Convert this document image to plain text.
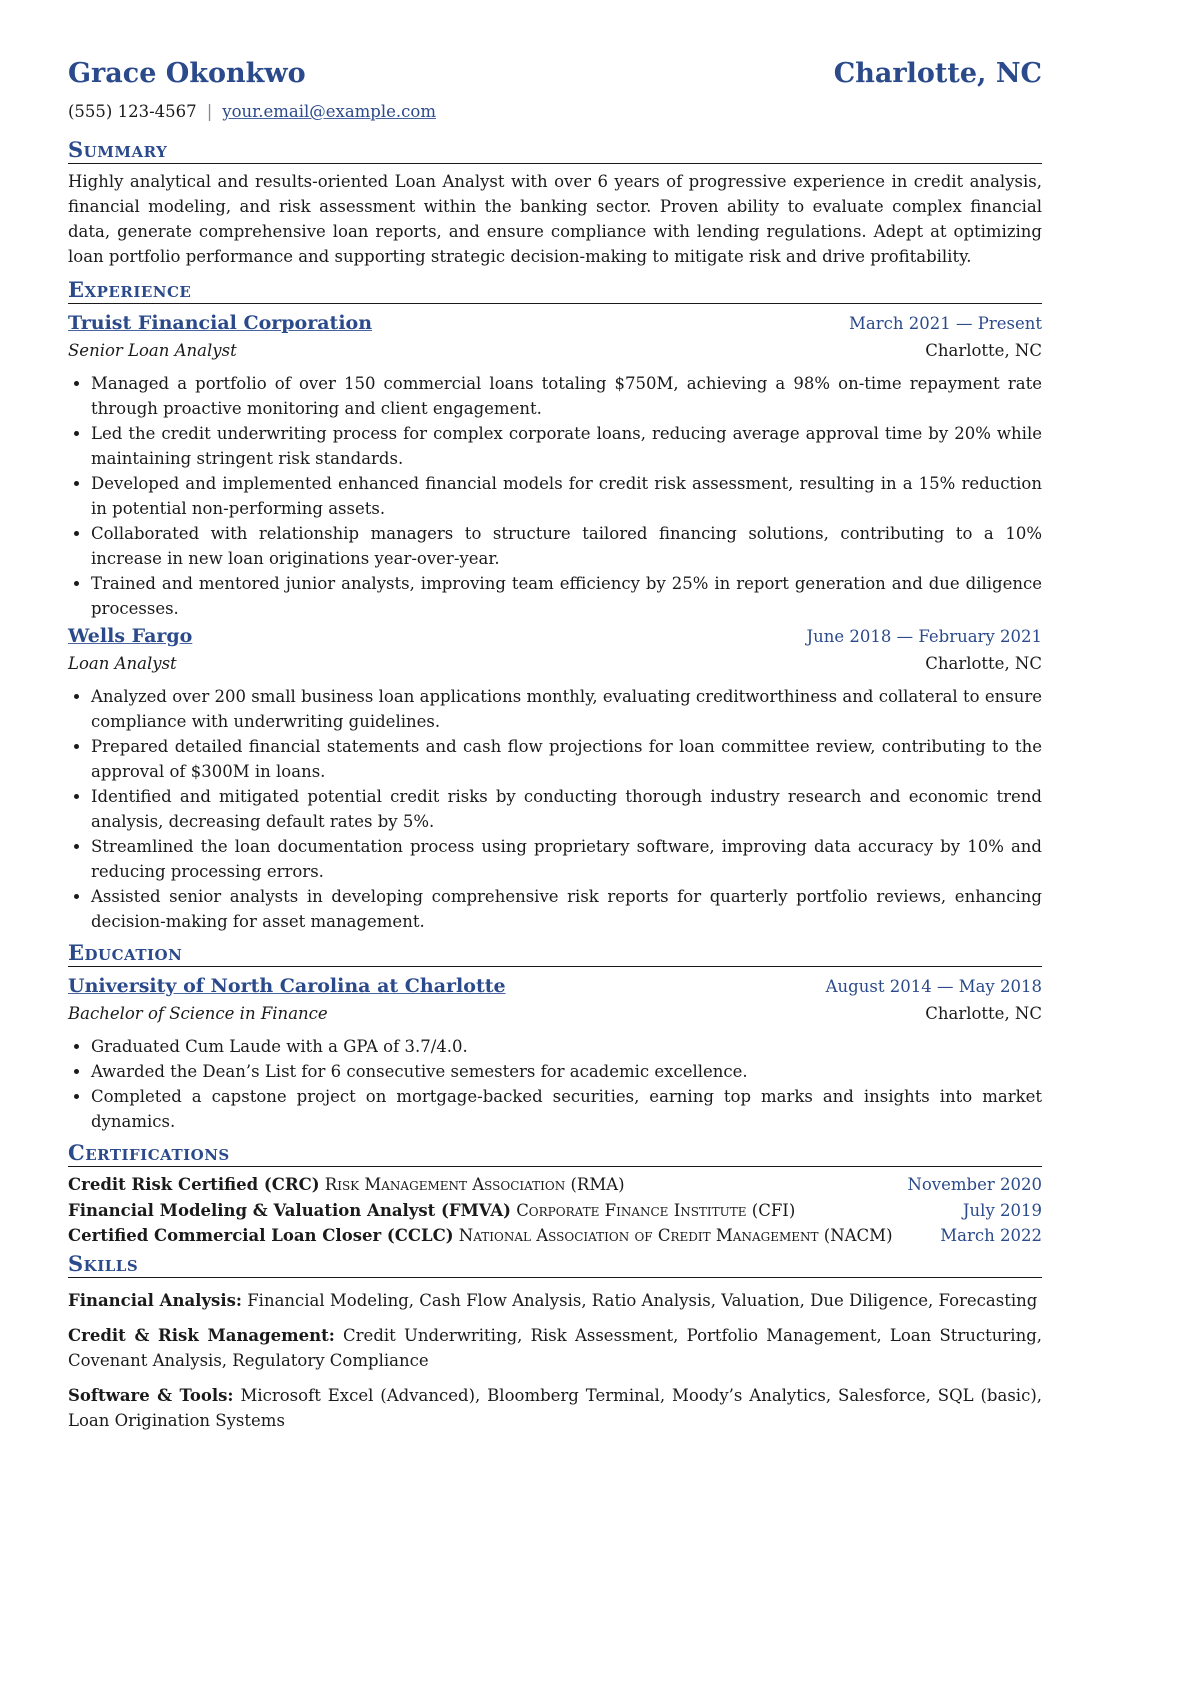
Grace Okonkwo	Charlotte, NC
(555) 123-4567 | your.email@example.com
Summary
Highly analytical and results-oriented Loan Analyst with over 6 years of progressive experience in credit analysis, financial modeling, and risk assessment within the banking sector. Proven ability to evaluate complex financial data, generate comprehensive loan reports, and ensure compliance with lending regulations. Adept at optimizing loan portfolio performance and supporting strategic decision-making to mitigate risk and drive profitability.
Experience
Truist Financial Corporation	March 2021 — Present
Senior Loan Analyst	Charlotte, NC
• Managed a portfolio of over 150 commercial loans totaling $750M, achieving a 98% on-time repayment rate through proactive monitoring and client engagement.
• Led the credit underwriting process for complex corporate loans, reducing average approval time by 20% while maintaining stringent risk standards.
• Developed and implemented enhanced financial models for credit risk assessment, resulting in a 15% reduction in potential non-performing assets.
• Collaborated with relationship managers to structure tailored financing solutions, contributing to a 10% increase in new loan originations year-over-year.
• Trained and mentored junior analysts, improving team efficiency by 25% in report generation and due diligence processes.
Wells Fargo	June 2018 — February 2021
Loan Analyst	Charlotte, NC
• Analyzed over 200 small business loan applications monthly, evaluating creditworthiness and collateral to ensure compliance with underwriting guidelines.
• Prepared detailed financial statements and cash flow projections for loan committee review, contributing to the approval of $300M in loans.
• Identified and mitigated potential credit risks by conducting thorough industry research and economic trend analysis, decreasing default rates by 5%.
• Streamlined the loan documentation process using proprietary software, improving data accuracy by 10% and reducing processing errors.
• Assisted senior analysts in developing comprehensive risk reports for quarterly portfolio reviews, enhancing decision-making for asset management.
Education
University of North Carolina at Charlotte	August 2014 — May 2018
Bachelor of Science in Finance	Charlotte, NC
• Graduated Cum Laude with a GPA of 3.7/4.0.
• Awarded the Dean’s List for 6 consecutive semesters for academic excellence.
• Completed a capstone project on mortgage-backed securities, earning top marks and insights into market dynamics.
Certifications
Credit Risk Certified (CRC) Risk Management Association (RMA)	November 2020
Financial Modeling & Valuation Analyst (FMVA) Corporate Finance Institute (CFI)	July 2019
Certified Commercial Loan Closer (CCLC) National Association of Credit Management (NACM)	March 2022
Skills
Financial Analysis: Financial Modeling, Cash Flow Analysis, Ratio Analysis, Valuation, Due Diligence, Forecasting
Credit & Risk Management: Credit Underwriting, Risk Assessment, Portfolio Management, Loan Structuring, Covenant Analysis, Regulatory Compliance
Software & Tools: Microsoft Excel (Advanced), Bloomberg Terminal, Moody’s Analytics, Salesforce, SQL (basic), Loan Origination Systems
